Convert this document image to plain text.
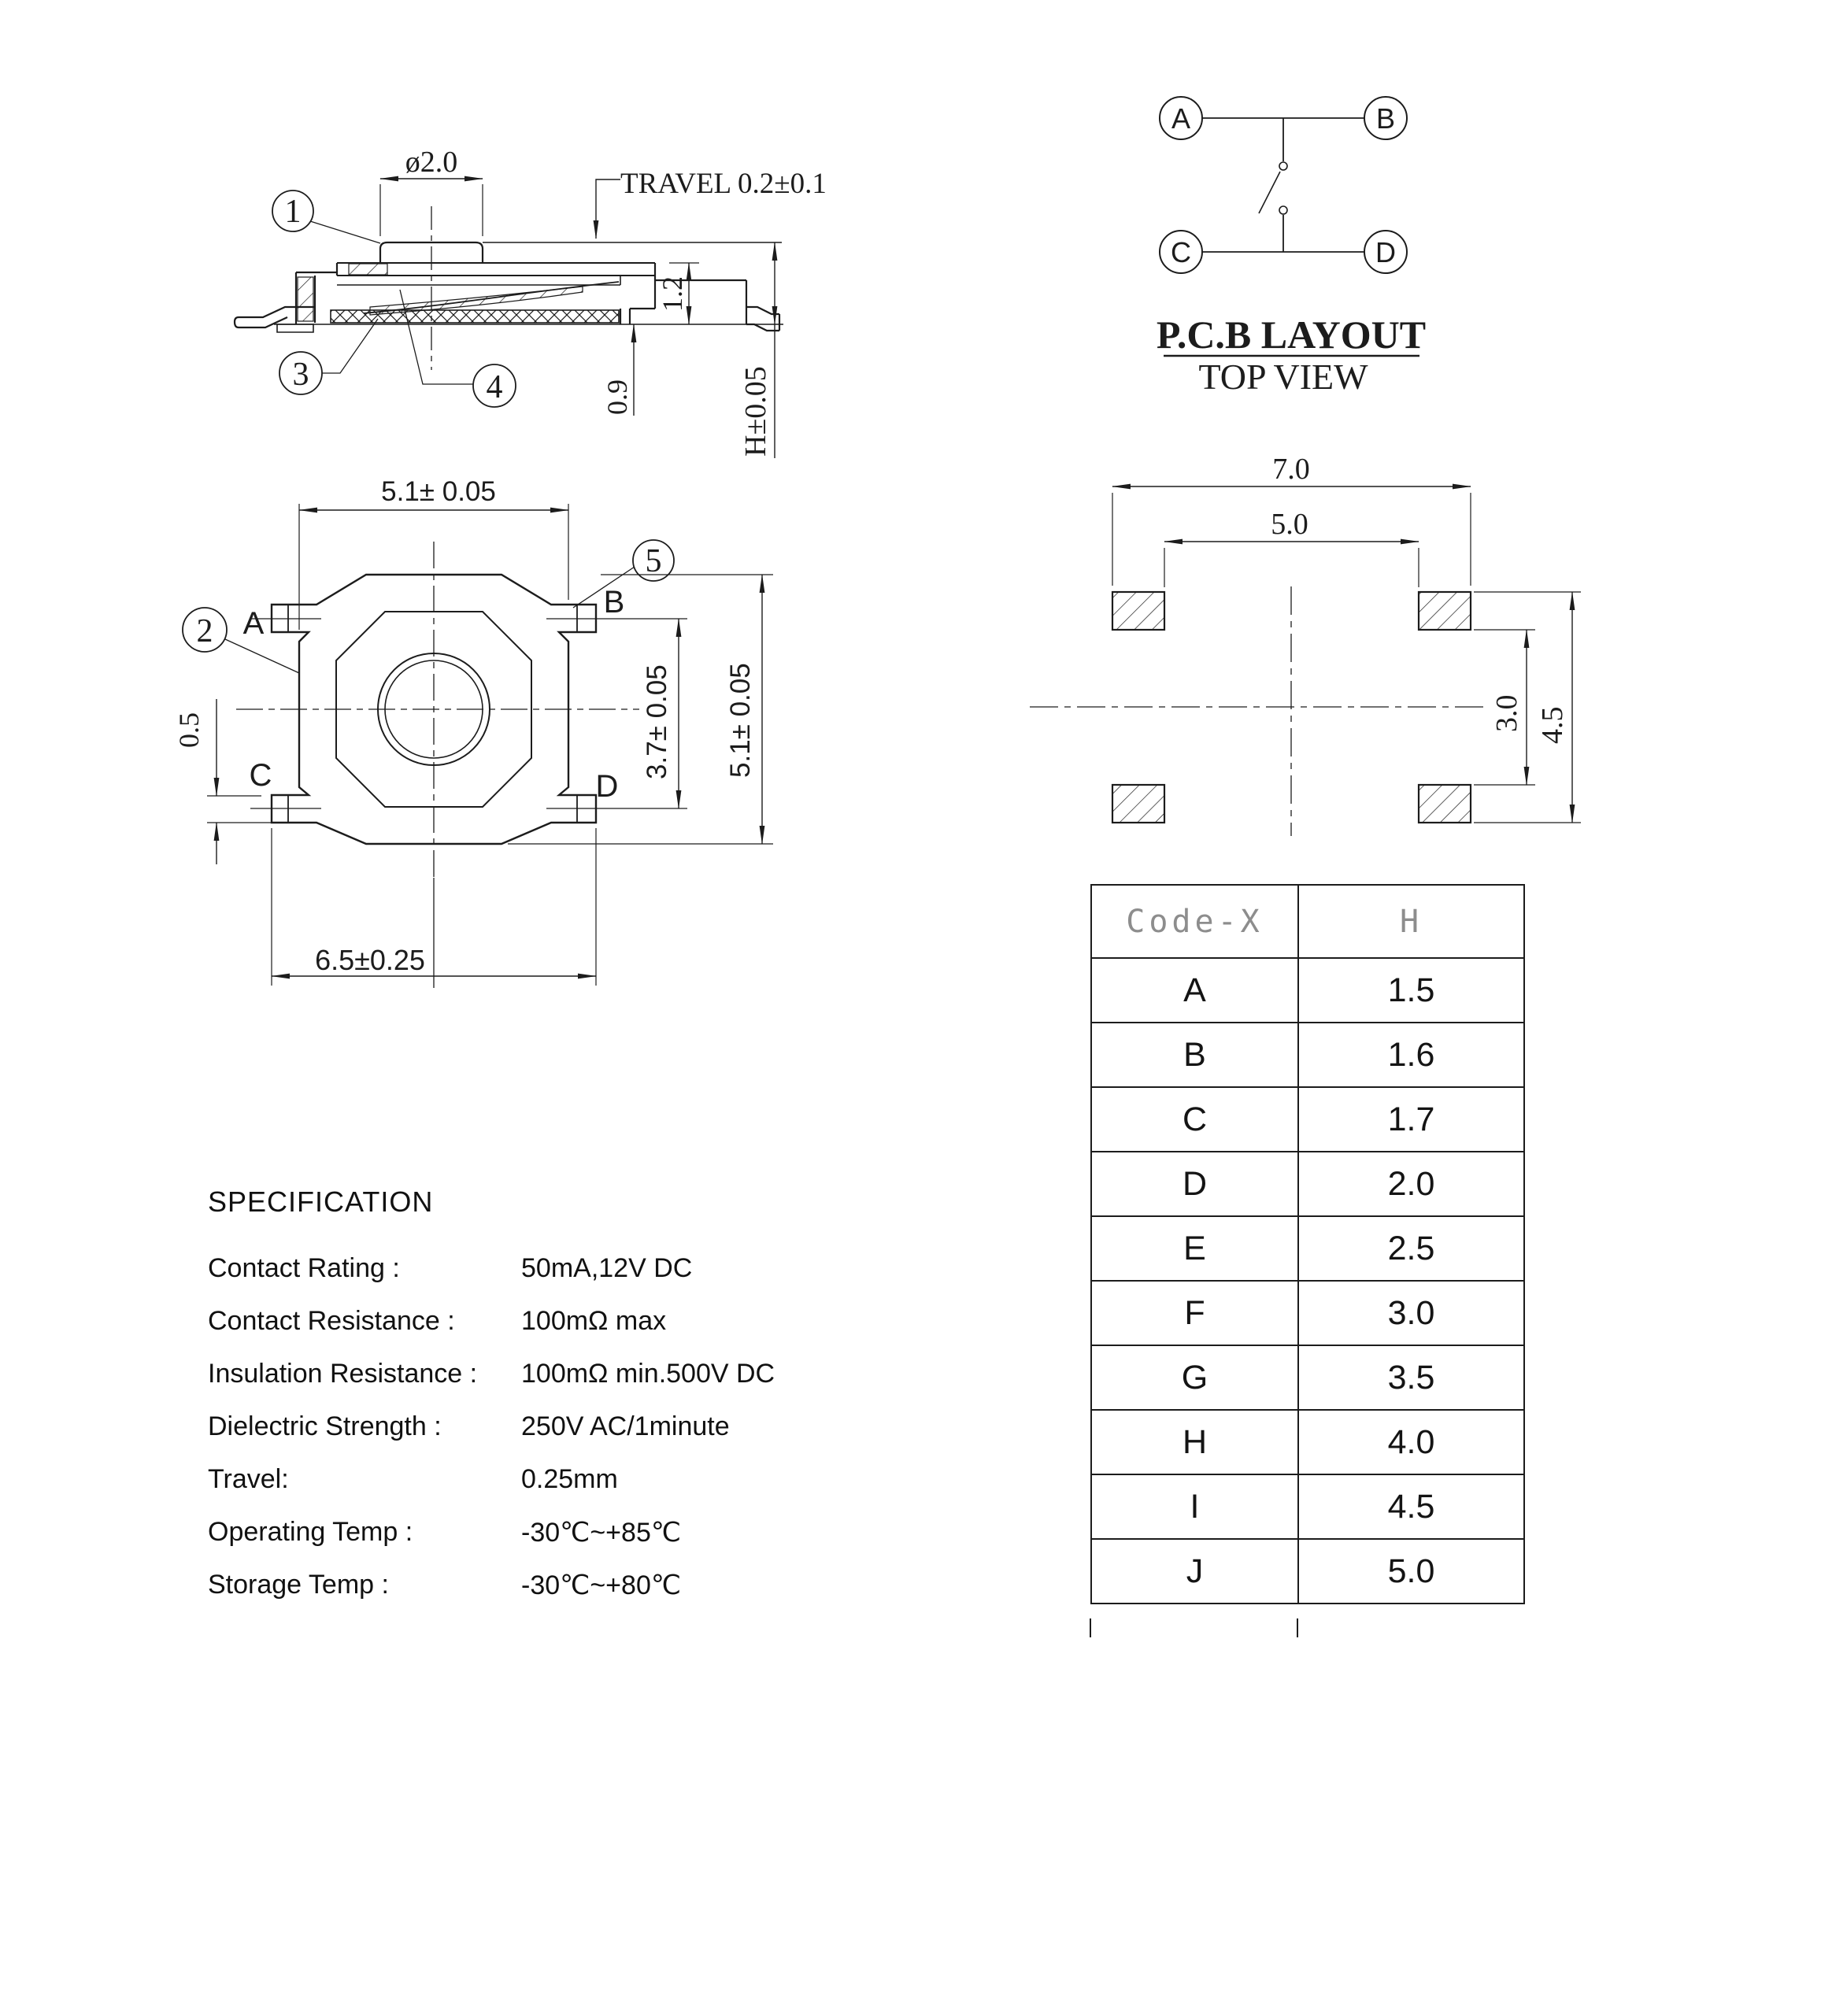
ø2.0
TRAVEL 0.2±0.1
1.2
0.9	H±0.05
1
3	4
5.1± 0.05
3.7± 0.05 5.1± 0.05
0.5
6.5±0.25
A
B
C	D
2
5
A	B
C	D
P.C.B LAYOUT
TOP VIEW
7.0
5.0
3.0 4.5
SPECIFICATION
Contact Rating :	50mA,12V DC
Contact Resistance :	100mΩ max
Insulation Resistance :	100mΩ min.500V DC
Dielectric Strength :	250V AC/1minute
Travel:	0.25mm
Operating Temp :	-30℃~+85℃
Storage Temp :	-30℃~+80℃
Code-X	H
A	1.5
B	1.6
C	1.7
D	2.0
E	2.5
F	3.0
G	3.5
H	4.0
I	4.5
J	5.0
